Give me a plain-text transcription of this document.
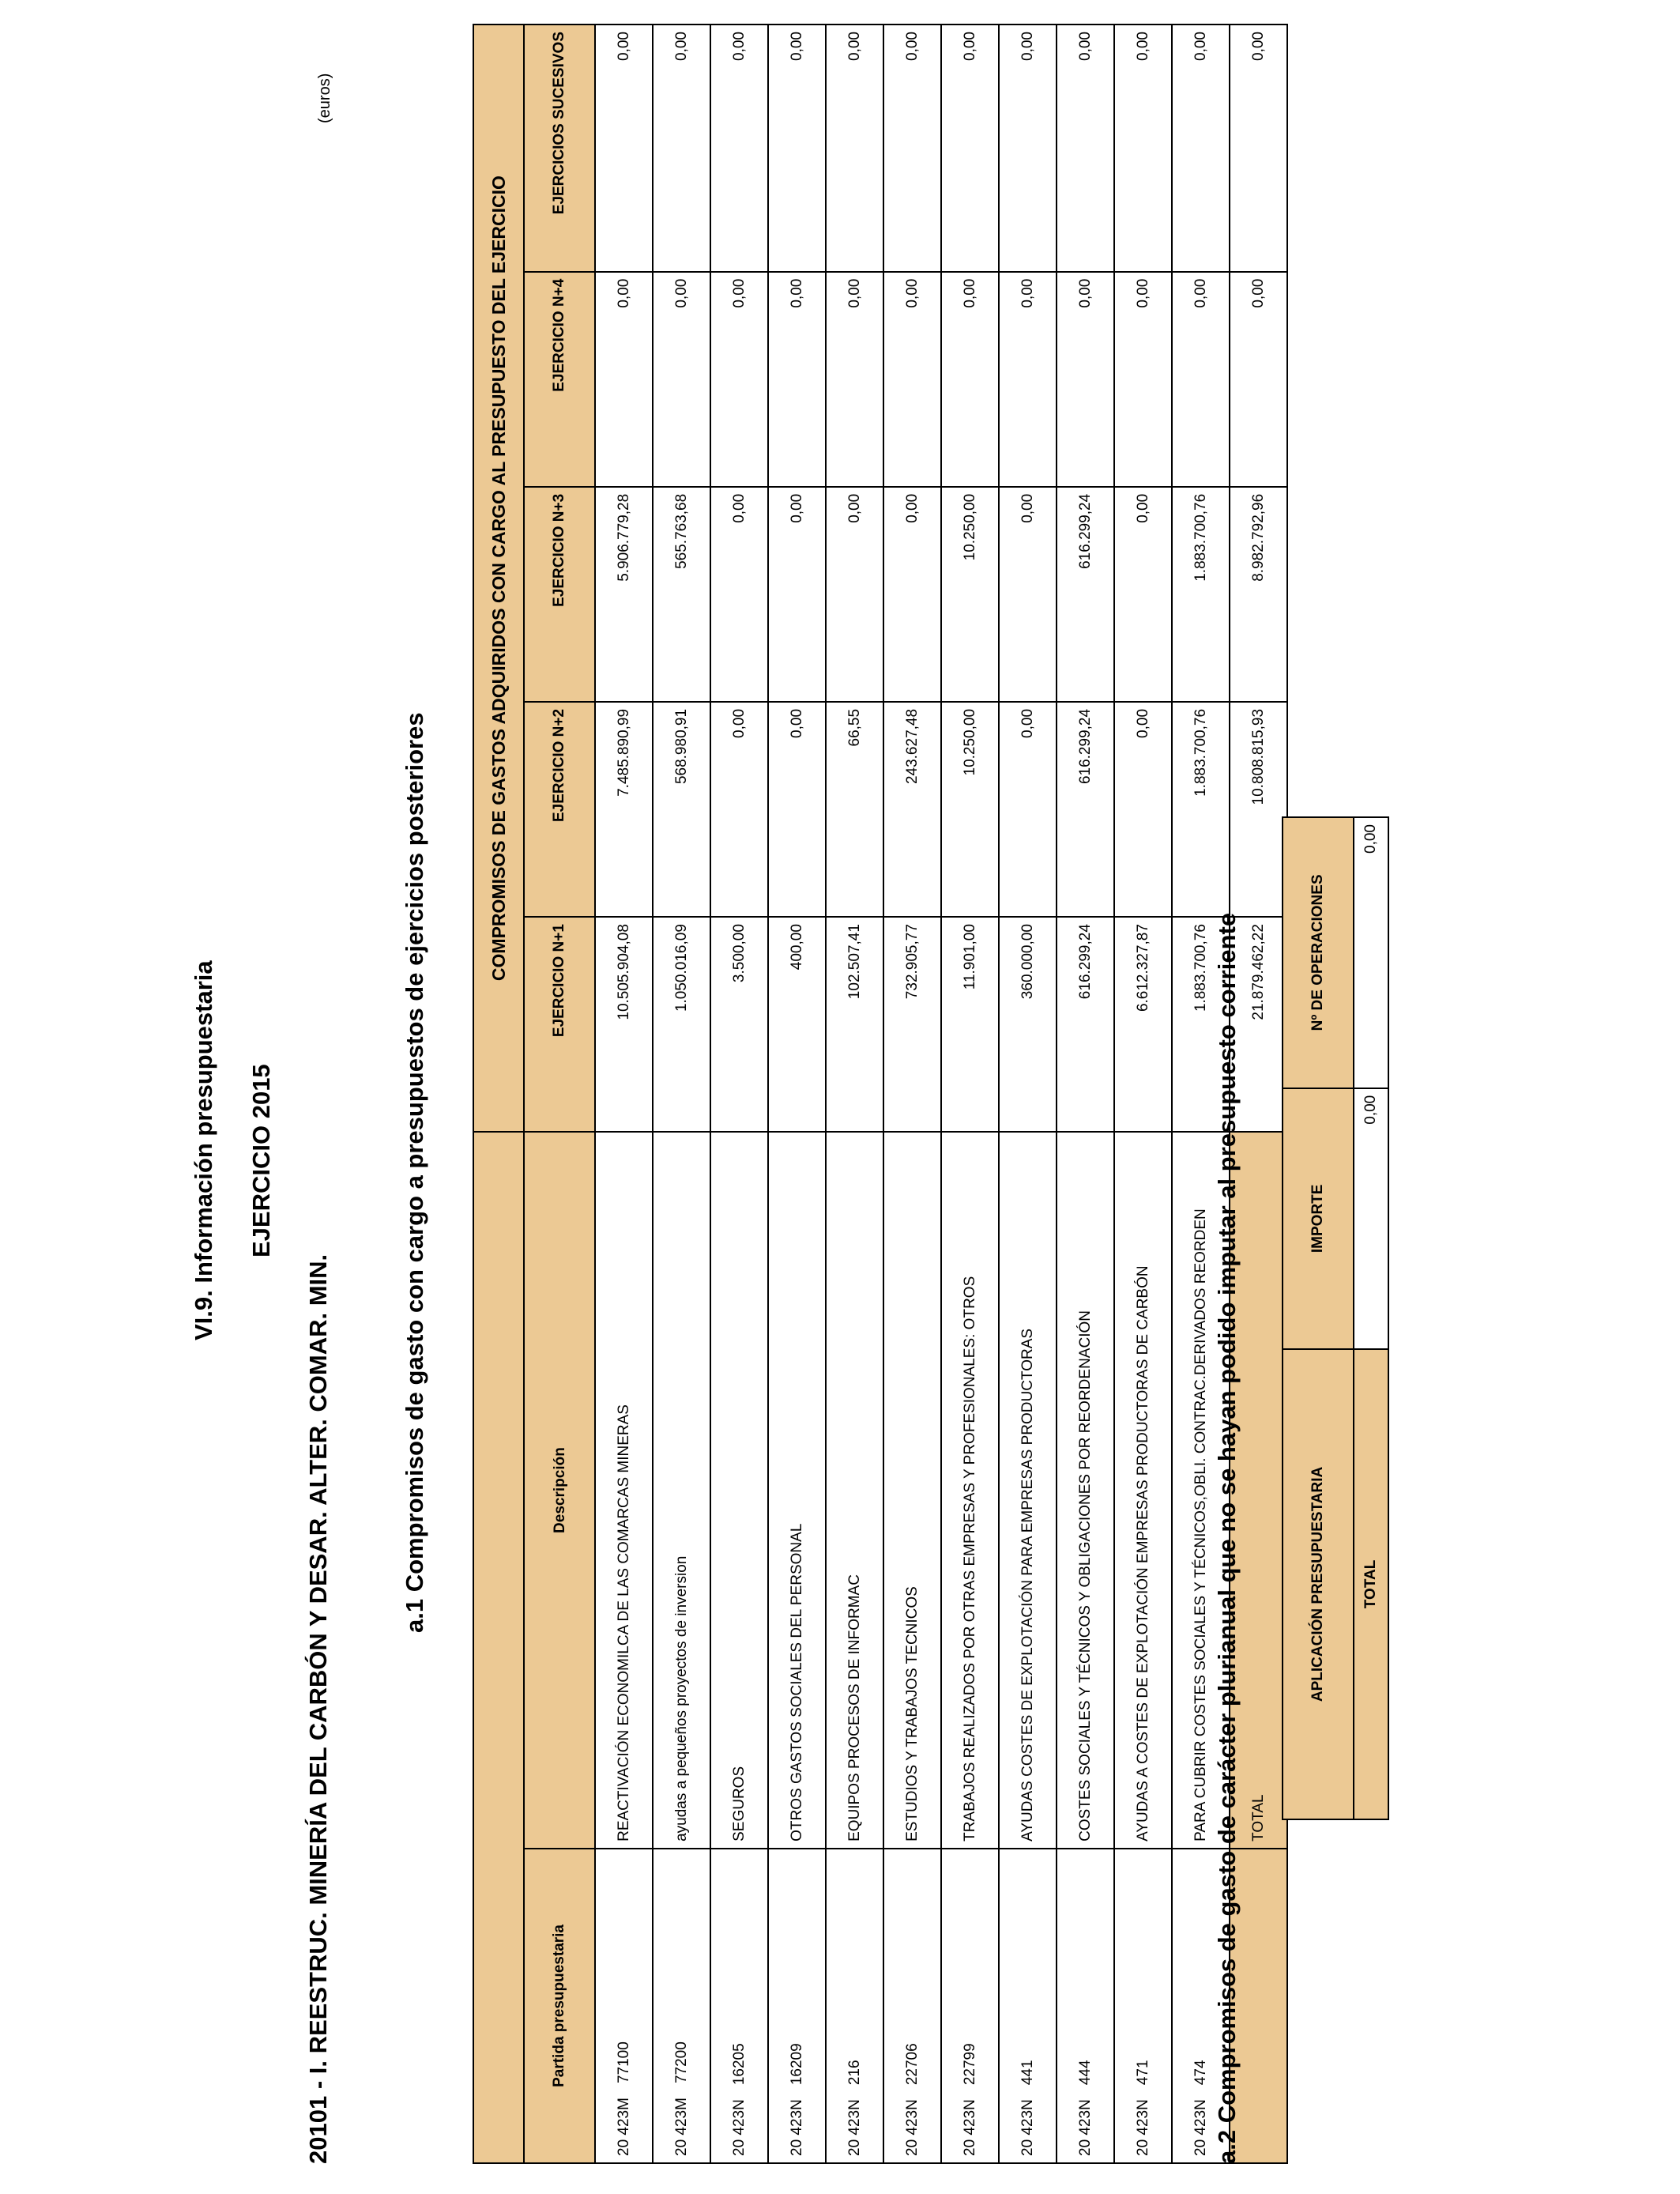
VI.9. Información presupuestaria EJERCICIO 2015
20101 - I. REESTRUC. MINERÍA DEL CARBÓN Y DESAR. ALTER. COMAR. MIN.
(euros)
a.1 Compromisos de gasto con cargo a presupuestos de ejercicios posteriores
		COMPROMISOS DE GASTOS ADQUIRIDOS CON CARGO AL PRESUPUESTO DEL EJERCICIO				
Partida presupuestaria	Descripción	EJERCICIO N+1	EJERCICIO N+2	EJERCICIO N+3	EJERCICIO N+4	EJERCICIOS SUCESIVOS
20 423M77100	REACTIVACIÓN ECONOMILCA DE LAS COMARCAS MINERAS	10.505.904,08	7.485.890,99	5.906.779,28	0,00	0,00
20 423M77200	ayudas a pequeños proyectos de inversion	1.050.016,09	568.980,91	565.763,68	0,00	0,00
20 423N16205	SEGUROS	3.500,00	0,00	0,00	0,00	0,00
20 423N16209	OTROS GASTOS SOCIALES DEL PERSONAL	400,00	0,00	0,00	0,00	0,00
20 423N216	EQUIPOS PROCESOS DE INFORMAC	102.507,41	66,55	0,00	0,00	0,00
20 423N22706	ESTUDIOS Y TRABAJOS TECNICOS	732.905,77	243.627,48	0,00	0,00	0,00
20 423N22799	TRABAJOS REALIZADOS POR OTRAS EMPRESAS Y PROFESIONALES: OTROS	11.901,00	10.250,00	10.250,00	0,00	0,00
20 423N441	AYUDAS COSTES DE EXPLOTACIÓN PARA EMPRESAS PRODUCTORAS	360.000,00	0,00	0,00	0,00	0,00
20 423N444	COSTES SOCIALES Y TÉCNICOS Y OBLIGACIONES POR REORDENACIÓN	616.299,24	616.299,24	616.299,24	0,00	0,00
20 423N471	AYUDAS A COSTES DE EXPLOTACIÓN EMPRESAS PRODUCTORAS DE CARBÓN	6.612.327,87	0,00	0,00	0,00	0,00
20 423N474	PARA CUBRIR COSTES SOCIALES Y TÉCNICOS,OBLI. CONTRAC.DERIVADOS REORDEN	1.883.700,76	1.883.700,76	1.883.700,76	0,00	0,00
	TOTAL	21.879.462,22	10.808.815,93	8.982.792,96	0,00	0,00
a.2 Compromisos de gasto de carácter plurianual que no se hayan podido imputar al presupuesto corriente	APLICACIÓN PRESUPUESTARIA	IMPORTE	Nº DE OPERACIONES
TOTAL	0,00	0,00
